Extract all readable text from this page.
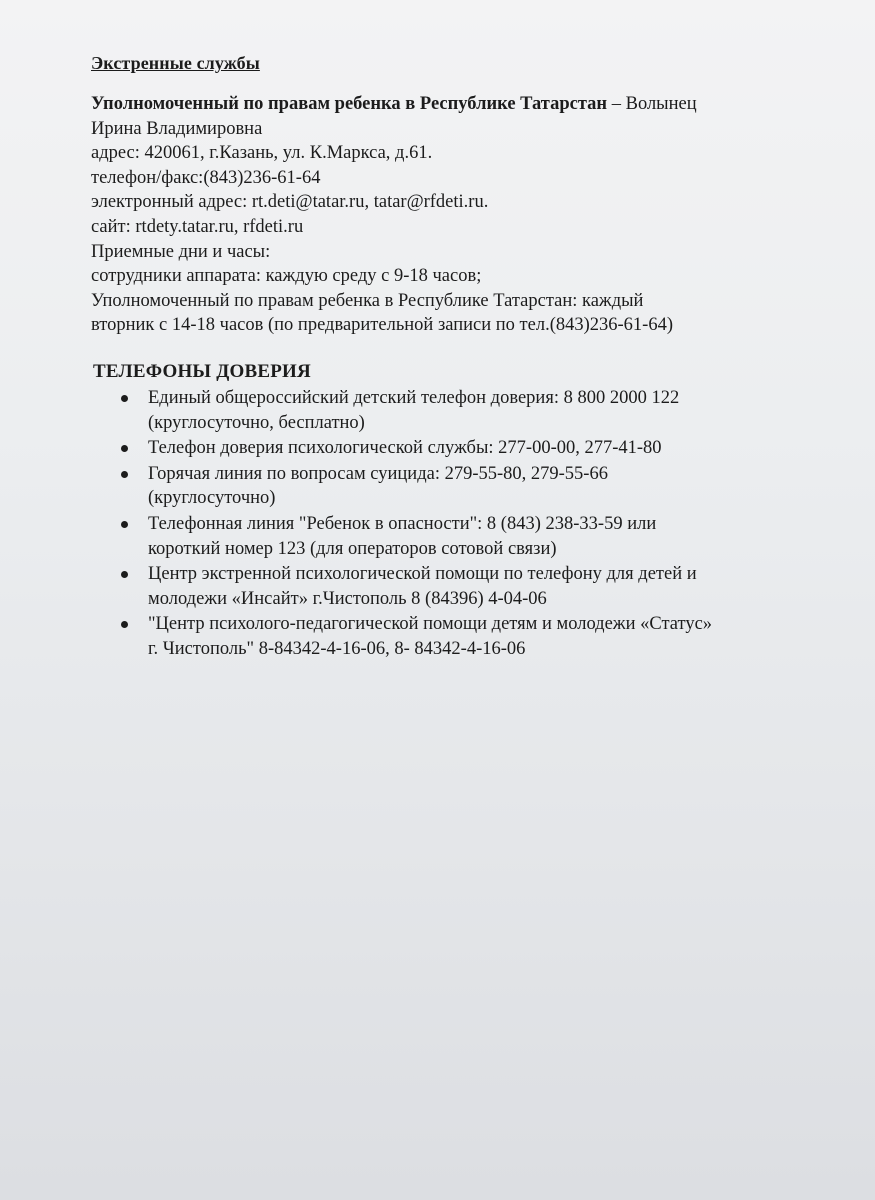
Экстренные службы
Уполномоченный по правам ребенка в Республике Татарстан – Волынец
Ирина Владимировна
адрес: 420061, г.Казань, ул. К.Маркса, д.61.
телефон/факс:(843)236-61-64
электронный адрес: rt.deti@tatar.ru, tatar@rfdeti.ru.
сайт: rtdety.tatar.ru, rfdeti.ru
Приемные дни и часы:
сотрудники аппарата: каждую среду с 9-18 часов;
Уполномоченный по правам ребенка в Республике Татарстан: каждый
вторник с 14-18 часов (по предварительной записи по тел.(843)236-61-64)
ТЕЛЕФОНЫ ДОВЕРИЯ
Единый общероссийский детский телефон доверия: 8 800 2000 122
(круглосуточно, бесплатно)
Телефон доверия психологической службы: 277-00-00, 277-41-80
Горячая линия по вопросам суицида: 279-55-80, 279-55-66
(круглосуточно)
Телефонная линия "Ребенок в опасности": 8 (843) 238-33-59 или
короткий номер 123 (для операторов сотовой связи)
Центр экстренной психологической помощи по телефону для детей и
молодежи «Инсайт» г.Чистополь 8 (84396) 4-04-06
"Центр психолого-педагогической помощи детям и молодежи «Статус»
г. Чистополь" 8-84342-4-16-06, 8- 84342-4-16-06
